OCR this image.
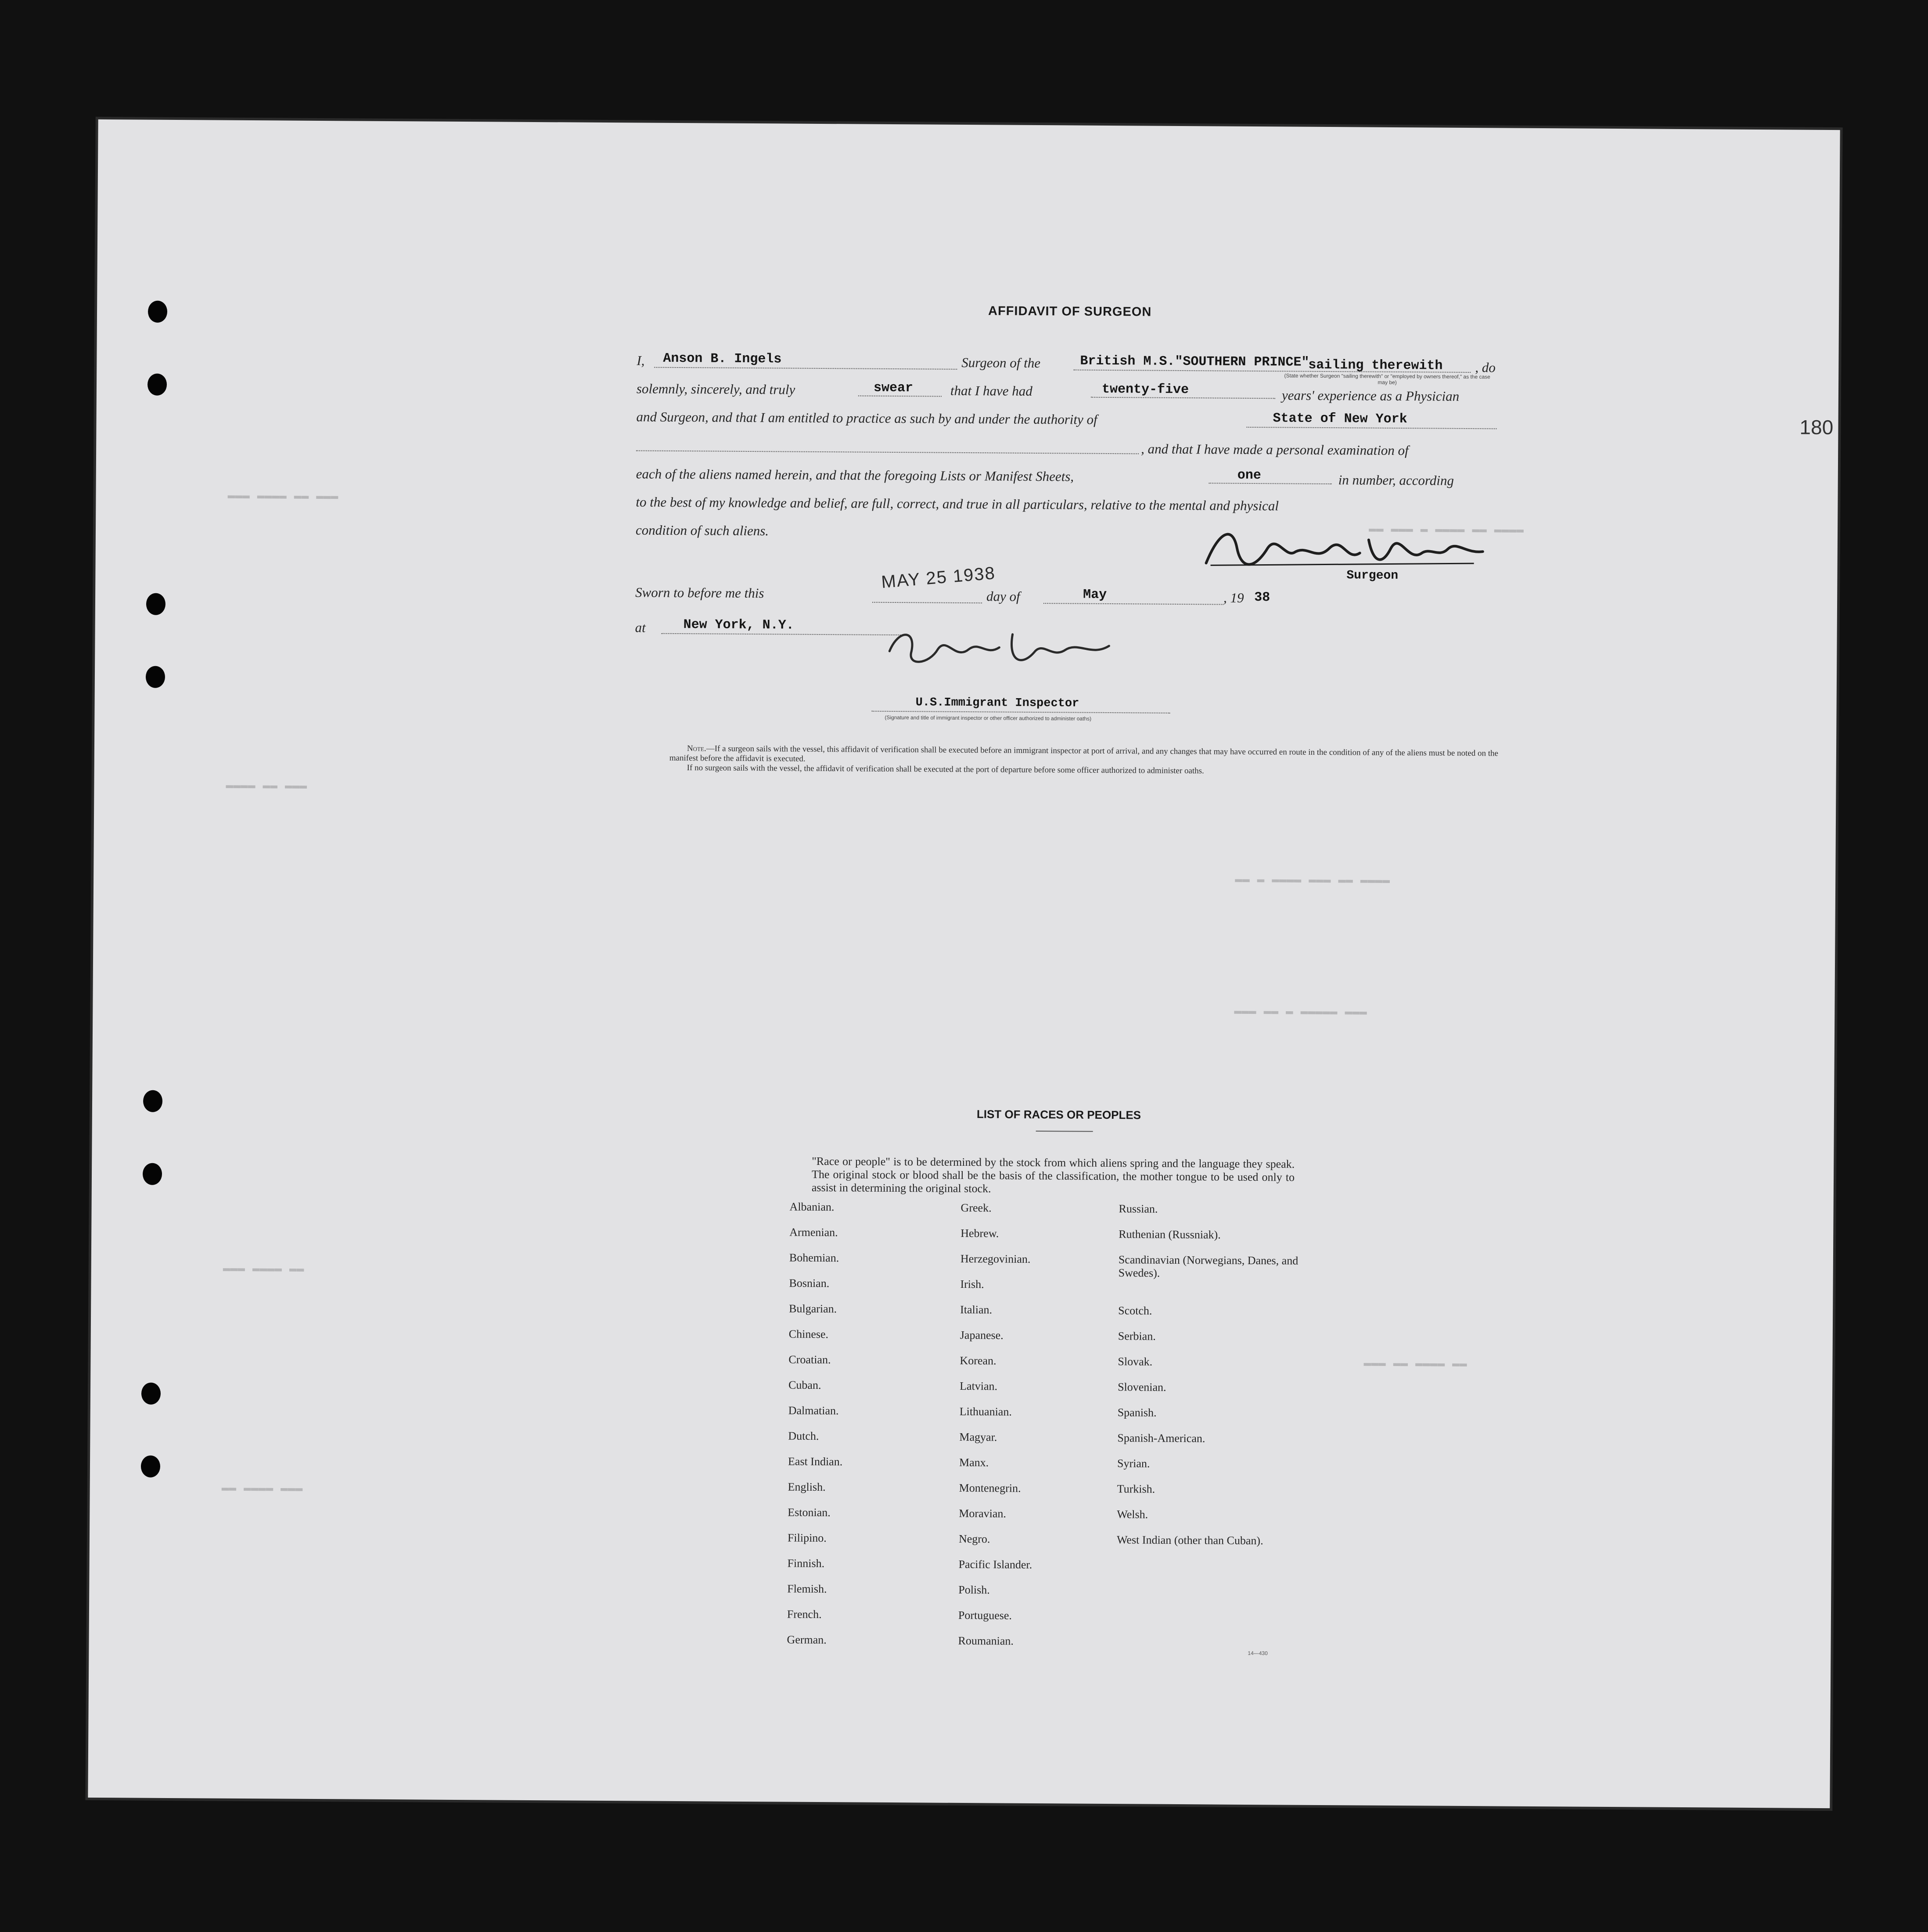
▬▬▬ ▬▬▬▬ ▬▬ ▬▬▬
▬▬ ▬▬▬ ▬ ▬▬▬▬ ▬▬ ▬▬▬▬
▬▬▬▬ ▬▬ ▬▬▬
▬▬ ▬ ▬▬▬▬ ▬▬▬ ▬▬ ▬▬▬▬
▬▬▬ ▬▬ ▬ ▬▬▬▬▬ ▬▬▬
▬▬▬ ▬▬▬▬ ▬▬
▬▬▬ ▬▬ ▬▬▬▬ ▬▬
▬▬ ▬▬▬▬ ▬▬▬
180
AFFIDAVIT OF SURGEON
I, Anson B. Ingels	Surgeon of the	British M.S."SOUTHERN PRINCE"
sailing therewith , do
(State whether Surgeon "sailing therewith" or "employed by owners thereof," as the case may be)
solemnly, sincerely, and truly	swear	that I have had	twenty-five	years' experience as a Physician
and Surgeon, and that I am entitled to practice as such by and under the authority of	State of New York
, and that I have made a personal examination of
each of the aliens named herein, and that the foregoing Lists or Manifest Sheets,	one	in number, according
to the best of my knowledge and belief, are full, correct, and true in all particulars, relative to the mental and physical
condition of such aliens.
Surgeon
Sworn to before me this
MAY 25 1938
day of	May	, 19 38
at	New York, N.Y.
U.S.Immigrant Inspector
(Signature and title of immigrant inspector or other officer authorized to administer oaths)
Note.—If a surgeon sails with the vessel, this affidavit of verification shall be executed before an immigrant inspector at port of arrival, and any changes that may have occurred en route in the condition of any of the aliens must be noted on the manifest before the affidavit is executed.
If no surgeon sails with the vessel, the affidavit of verification shall be executed at the port of departure before some officer authorized to administer oaths.
LIST OF RACES OR PEOPLES
"Race or people" is to be determined by the stock from which aliens spring and the language they speak. The original stock or blood shall be the basis of the classification, the mother tongue to be used only to assist in determining the original stock.
Albanian.
Armenian.
Bohemian.
Bosnian.
Bulgarian.
Chinese.
Croatian.
Cuban.
Dalmatian.
Dutch.
East Indian.
English.
Estonian.
Filipino.
Finnish.
Flemish.
French.
German.
Greek.
Hebrew.
Herzegovinian.
Irish.
Italian.
Japanese.
Korean.
Latvian.
Lithuanian.
Magyar.
Manx.
Montenegrin.
Moravian.
Negro.
Pacific Islander.
Polish.
Portuguese.
Roumanian.
Russian.
Ruthenian (Russniak).
Scandinavian (Norwegians, Danes, and Swedes).
Scotch.
Serbian.
Slovak.
Slovenian.
Spanish.
Spanish-American.
Syrian.
Turkish.
Welsh.
West Indian (other than Cuban).
14—430
